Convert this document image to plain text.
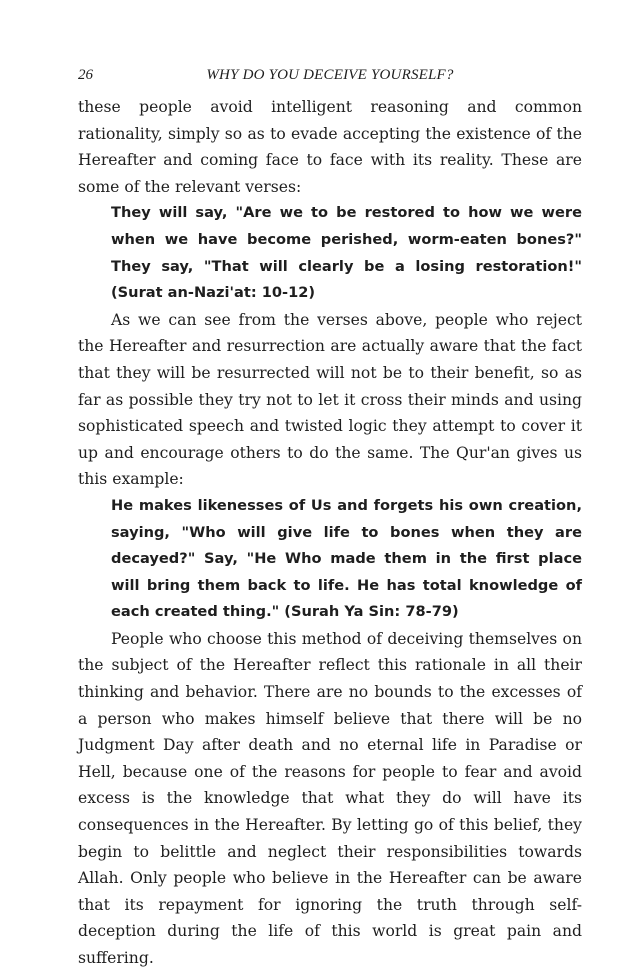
26	WHY DO YOU DECEIVE YOURSELF?

these people avoid intelligent reasoning and common rationality, simply so as to evade accepting the existence of the Hereafter and coming face to face with its reality. These are some of the relevant verses:

They will say, "Are we to be restored to how we were when we have become perished, worm-eaten bones?" They say, "That will clearly be a losing restoration!" (Surat an-Nazi'at: 10-12)

As we can see from the verses above, people who reject the Hereafter and resurrection are actually aware that the fact that they will be resurrected will not be to their benefit, so as far as possible they try not to let it cross their minds and using sophisticated speech and twisted logic they attempt to cover it up and encourage others to do the same. The Qur'an gives us this example:

He makes likenesses of Us and forgets his own creation, saying, "Who will give life to bones when they are decayed?" Say, "He Who made them in the first place will bring them back to life. He has total knowledge of each created thing." (Surah Ya Sin: 78-79)

People who choose this method of deceiving themselves on the subject of the Hereafter reflect this rationale in all their thinking and behavior. There are no bounds to the excesses of a person who makes himself believe that there will be no Judgment Day after death and no eternal life in Paradise or Hell, because one of the reasons for people to fear and avoid excess is the knowledge that what they do will have its consequences in the Hereafter. By letting go of this belief, they begin to belittle and neglect their responsibilities towards Allah. Only people who believe in the Hereafter can be aware that its repayment for ignoring the truth through self-deception during the life of this world is great pain and suffering.
